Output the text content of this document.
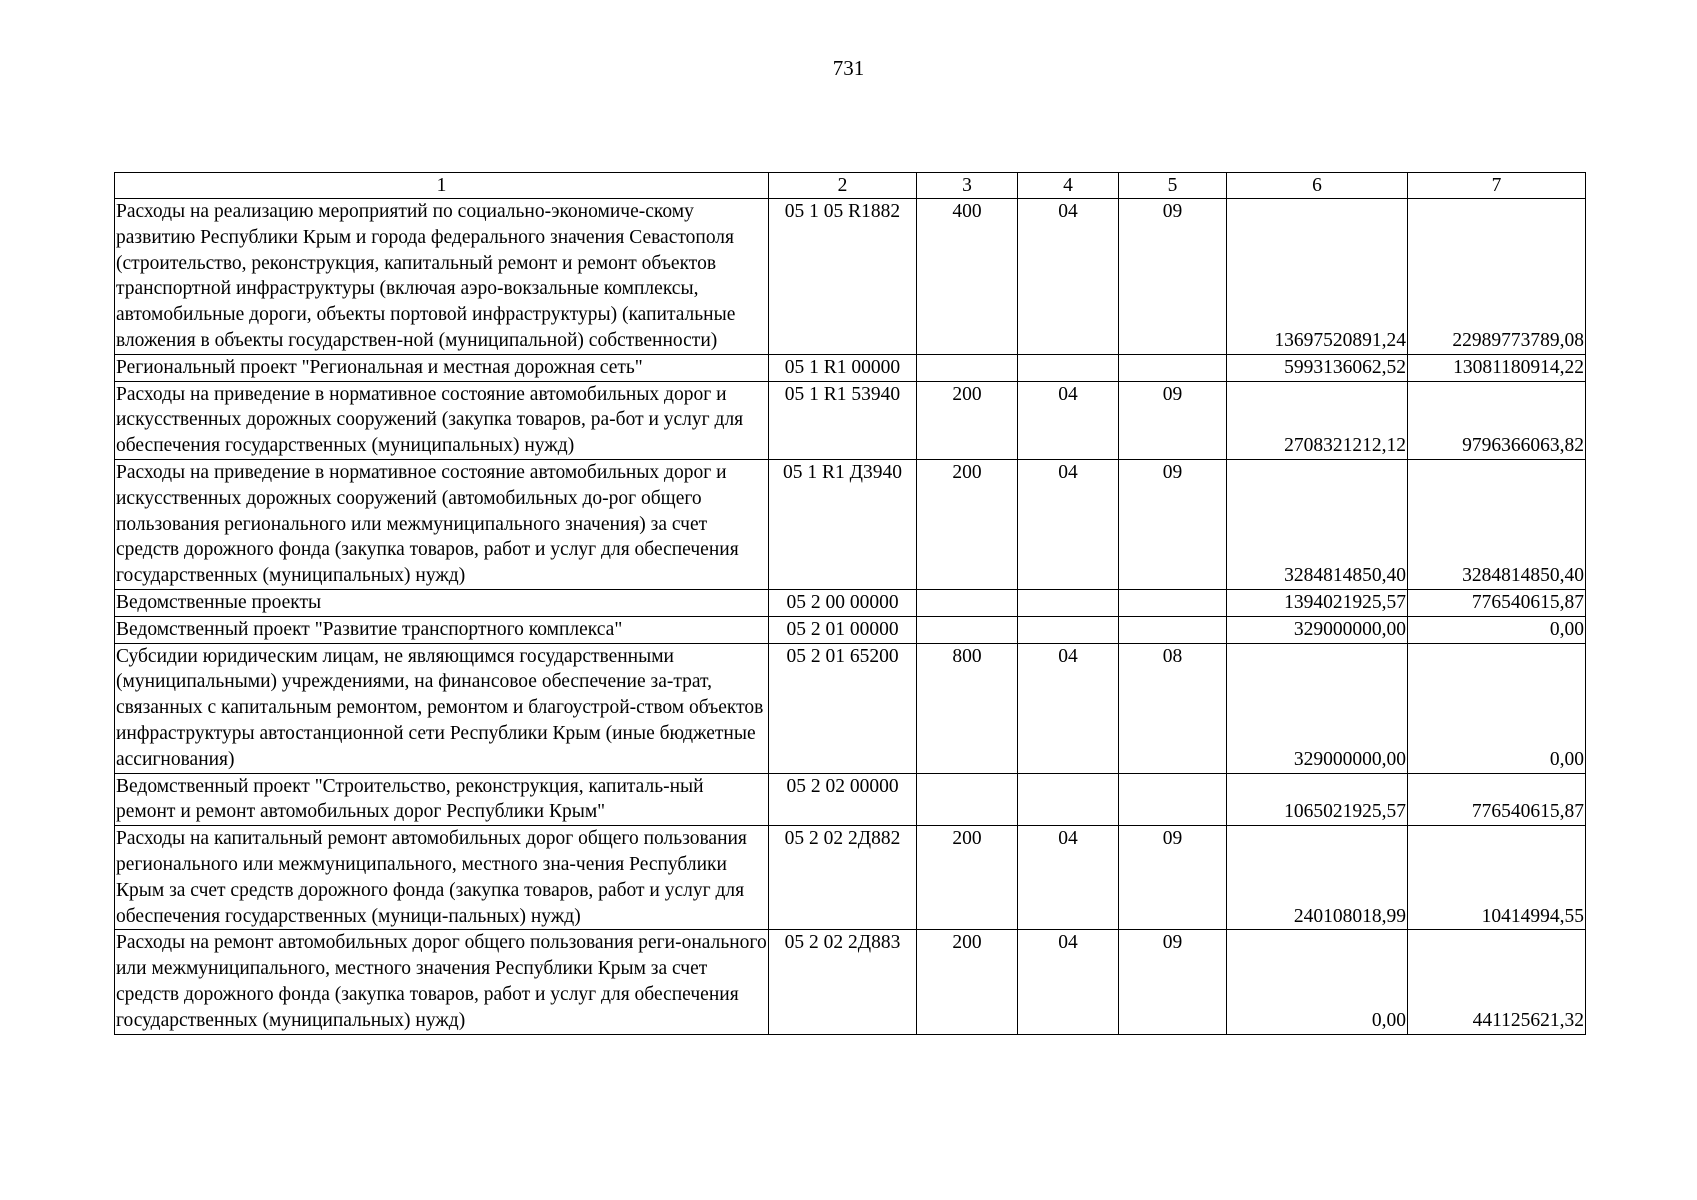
731
1	2	3	4	5	6	7
Расходы на реализацию мероприятий по социально-экономиче-скому развитию Республики Крым и города федерального значения Севастополя (строительство, реконструкция, капитальный ремонт и ремонт объектов транспортной инфраструктуры (включая аэро-вокзальные комплексы, автомобильные дороги, объекты портовой инфраструктуры) (капитальные вложения в объекты государствен-ной (муниципальной) собственности)	05 1 05 R1882	400	04	09	13697520891,24	22989773789,08

Региональный проект "Региональная и местная дорожная сеть"	05 1 R1 00000				5993136062,52	13081180914,22

Расходы на приведение в нормативное состояние автомобильных дорог и искусственных дорожных сооружений (закупка товаров, ра-бот и услуг для обеспечения государственных (муниципальных) нужд)	05 1 R1 53940	200	04	09	2708321212,12	9796366063,82

Расходы на приведение в нормативное состояние автомобильных дорог и искусственных дорожных сооружений (автомобильных до-рог общего пользования регионального или межмуниципального значения) за счет средств дорожного фонда (закупка товаров, работ и услуг для обеспечения государственных (муниципальных) нужд)	05 1 R1 Д3940	200	04	09	3284814850,40	3284814850,40

Ведомственные проекты	05 2 00 00000				1394021925,57	776540615,87

Ведомственный проект "Развитие транспортного комплекса"	05 2 01 00000				329000000,00	0,00

Субсидии юридическим лицам, не являющимся государственными (муниципальными) учреждениями, на финансовое обеспечение за-трат, связанных с капитальным ремонтом, ремонтом и благоустрой-ством объектов инфраструктуры автостанционной сети Республики Крым (иные бюджетные ассигнования)	05 2 01 65200	800	04	08	329000000,00	0,00

Ведомственный проект "Строительство, реконструкция, капиталь-ный ремонт и ремонт автомобильных дорог Республики Крым"	05 2 02 00000				1065021925,57	776540615,87

Расходы на капитальный ремонт автомобильных дорог общего пользования регионального или межмуниципального, местного зна-чения Республики Крым за счет средств дорожного фонда (закупка товаров, работ и услуг для обеспечения государственных (муници-пальных) нужд)	05 2 02 2Д882	200	04	09	240108018,99	10414994,55

Расходы на ремонт автомобильных дорог общего пользования реги-онального или межмуниципального, местного значения Республики Крым за счет средств дорожного фонда (закупка товаров, работ и услуг для обеспечения государственных (муниципальных) нужд)	05 2 02 2Д883	200	04	09	0,00	441125621,32
